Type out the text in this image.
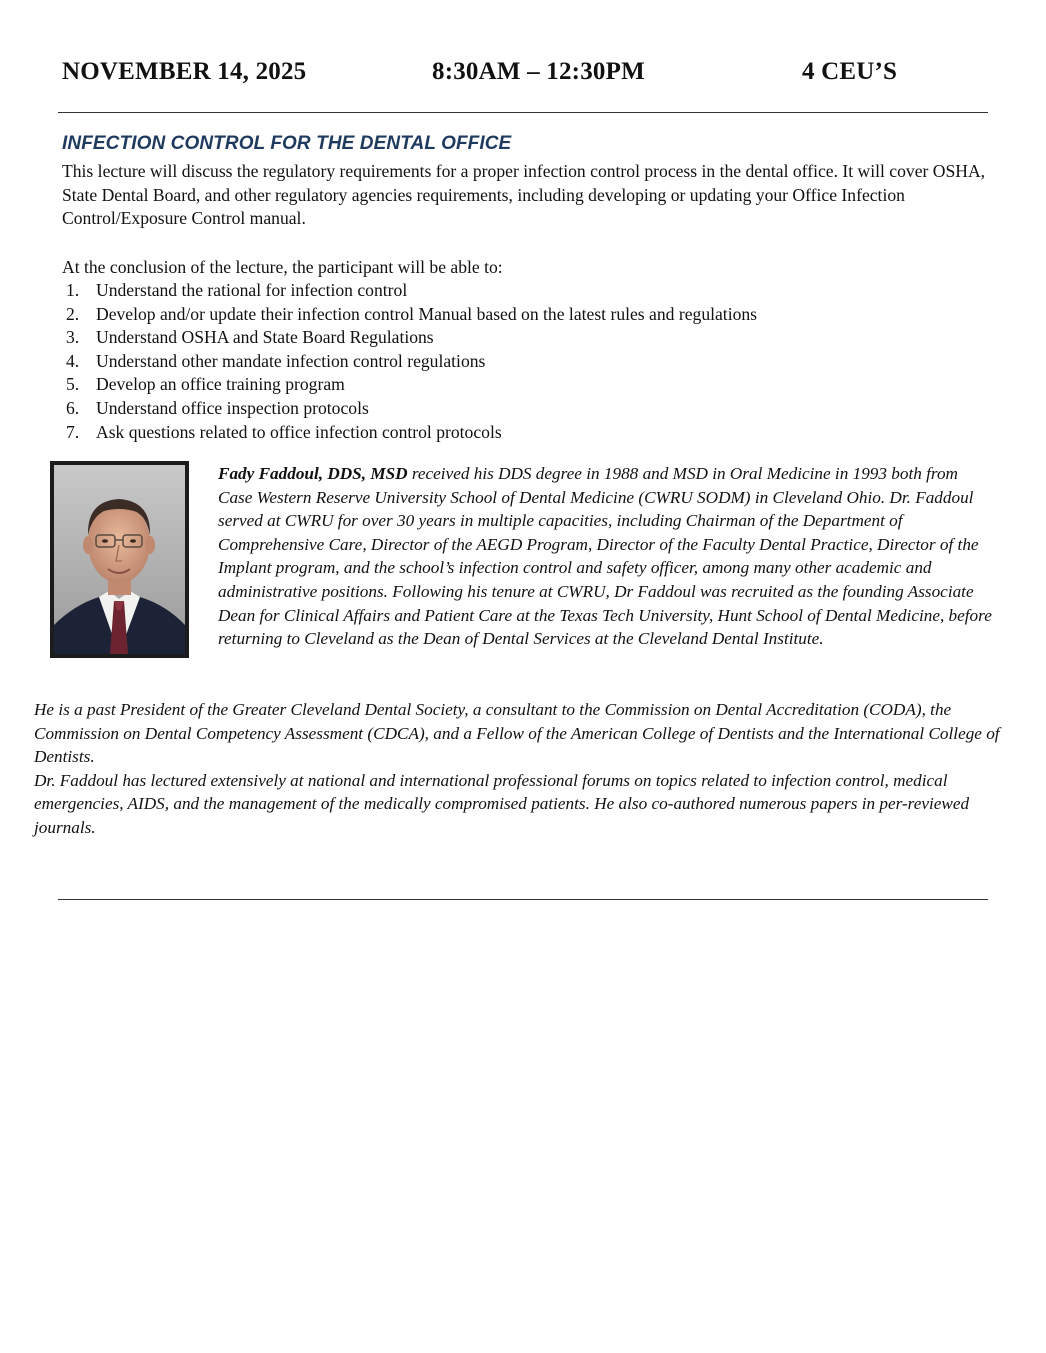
NOVEMBER 14, 2025	8:30AM – 12:30PM	4 CEU’S
INFECTION CONTROL FOR THE DENTAL OFFICE

This lecture will discuss the regulatory requirements for a proper infection control process in the dental office. It will cover OSHA, State Dental Board, and other regulatory agencies requirements, including developing or updating your Office Infection Control/Exposure Control manual.

At the conclusion of the lecture, the participant will be able to:

1. Understand the rational for infection control
2. Develop and/or update their infection control Manual based on the latest rules and regulations
3. Understand OSHA and State Board Regulations
4. Understand other mandate infection control regulations
5. Develop an office training program
6. Understand office inspection protocols
7. Ask questions related to office infection control protocols

Fady Faddoul, DDS, MSD received his DDS degree in 1988 and MSD in Oral Medicine in 1993 both from Case Western Reserve University School of Dental Medicine (CWRU SODM) in Cleveland Ohio. Dr. Faddoul served at CWRU for over 30 years in multiple capacities, including Chairman of the Department of Comprehensive Care, Director of the AEGD Program, Director of the Faculty Dental Practice, Director of the Implant program, and the school’s infection control and safety officer, among many other academic and administrative positions. Following his tenure at CWRU, Dr Faddoul was recruited as the founding Associate Dean for Clinical Affairs and Patient Care at the Texas Tech University, Hunt School of Dental Medicine, before returning to Cleveland as the Dean of Dental Services at the Cleveland Dental Institute.

He is a past President of the Greater Cleveland Dental Society, a consultant to the Commission on Dental Accreditation (CODA), the Commission on Dental Competency Assessment (CDCA), and a Fellow of the American College of Dentists and the International College of Dentists.
Dr. Faddoul has lectured extensively at national and international professional forums on topics related to infection control, medical emergencies, AIDS, and the management of the medically compromised patients. He also co-authored numerous papers in per-reviewed journals.
